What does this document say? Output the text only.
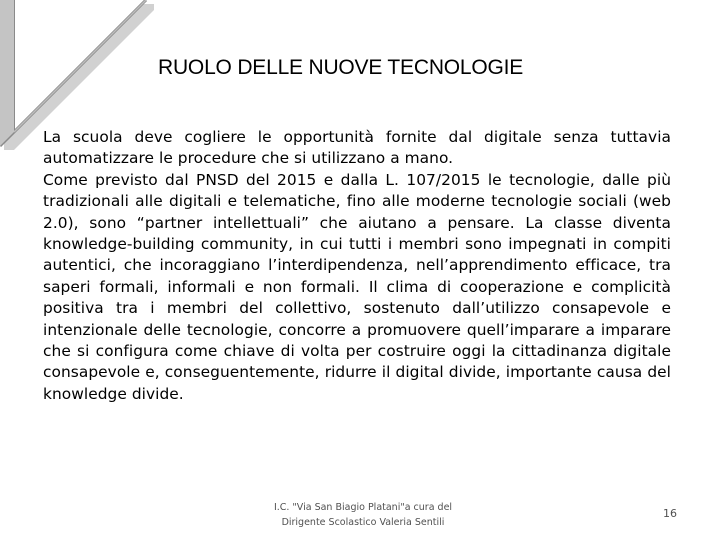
RUOLO DELLE NUOVE TECNOLOGIE

La scuola deve cogliere le opportunità fornite dal digitale senza tuttavia automatizzare le procedure che si utilizzano a mano.

Come previsto dal PNSD del 2015 e dalla L. 107/2015 le tecnologie, dalle più tradizionali alle digitali e telematiche, fino alle moderne tecnologie sociali (web 2.0), sono “partner intellettuali” che aiutano a pensare. La classe diventa knowledge-building community, in cui tutti i membri sono impegnati in compiti autentici, che incoraggiano l’interdipendenza, nell’apprendimento efficace, tra saperi formali, informali e non formali. Il clima di cooperazione e complicità positiva tra i membri del collettivo, sostenuto dall’utilizzo consapevole e intenzionale delle tecnologie, concorre a promuovere quell’imparare a imparare che si configura come chiave di volta per costruire oggi la cittadinanza digitale consapevole e, conseguentemente, ridurre il digital divide, importante causa del knowledge divide.

I.C. "Via San Biagio Platani"a cura del
Dirigente Scolastico Valeria Sentili
16
